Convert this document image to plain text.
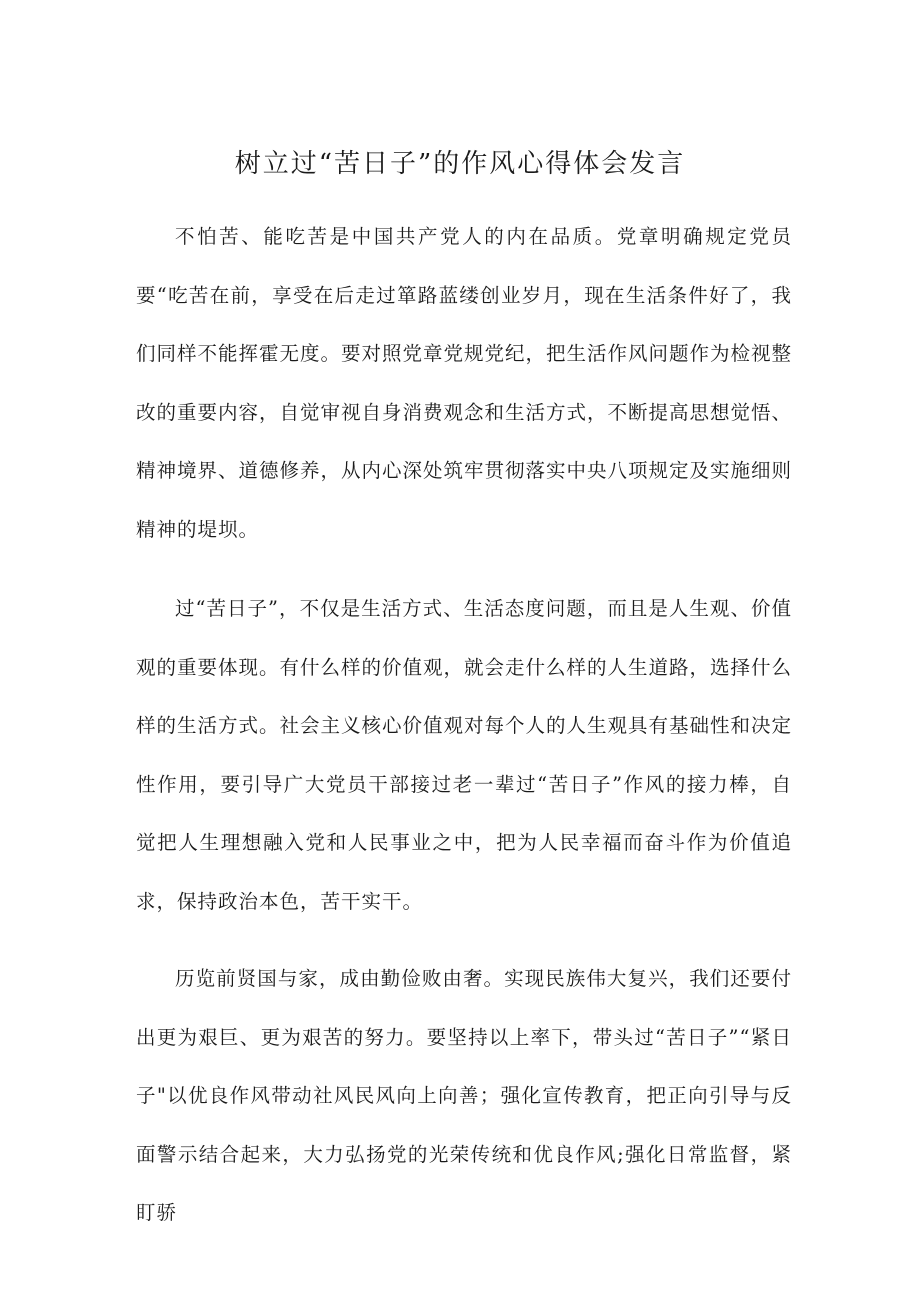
树立过“苦日子”的作风心得体会发言

不怕苦、能吃苦是中国共产党人的内在品质。党章明确规定党员要“吃苦在前，享受在后走过箪路蓝缕创业岁月，现在生活条件好了，我们同样不能挥霍无度。要对照党章党规党纪，把生活作风问题作为检视整改的重要内容，自觉审视自身消费观念和生活方式，不断提高思想觉悟、精神境界、道德修养，从内心深处筑牢贯彻落实中央八项规定及实施细则精神的堤坝。

过“苦日子”，不仅是生活方式、生活态度问题，而且是人生观、价值观的重要体现。有什么样的价值观，就会走什么样的人生道路，选择什么样的生活方式。社会主义核心价值观对每个人的人生观具有基础性和决定性作用，要引导广大党员干部接过老一辈过“苦日子”作风的接力棒，自觉把人生理想融入党和人民事业之中，把为人民幸福而奋斗作为价值追求，保持政治本色，苦干实干。

历览前贤国与家，成由勤俭败由奢。实现民族伟大复兴，我们还要付出更为艰巨、更为艰苦的努力。要坚持以上率下，带头过“苦日子”“紧日子"以优良作风带动社风民风向上向善；强化宣传教育，把正向引导与反面警示结合起来，大力弘扬党的光荣传统和优良作风;强化日常监督，紧盯骄
